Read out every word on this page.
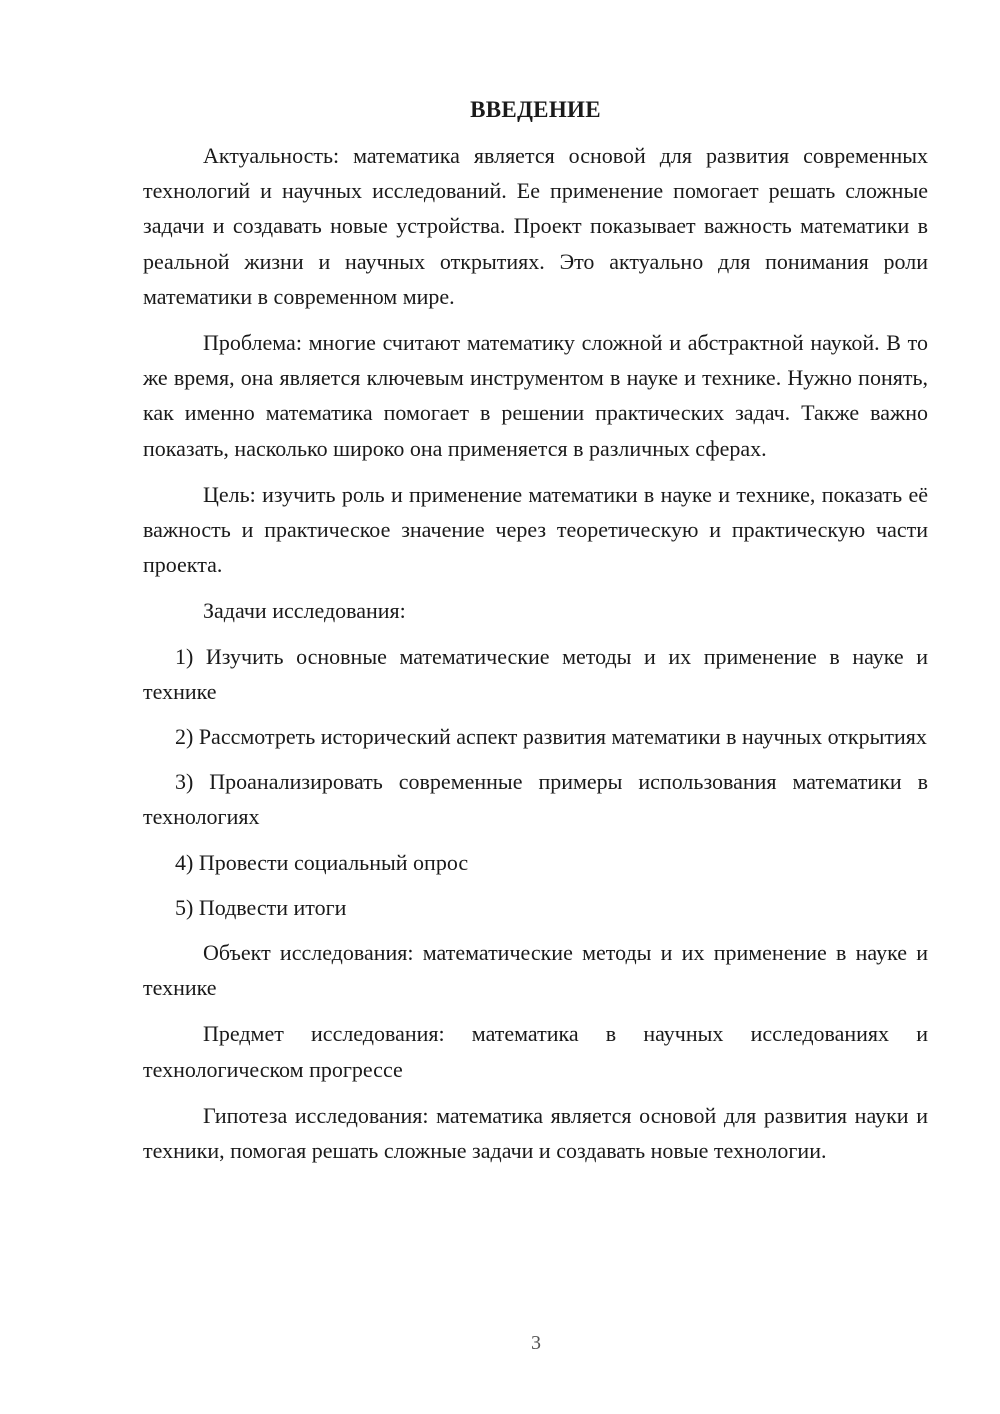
ВВЕДЕНИЕ

Актуальность: математика является основой для развития современных технологий и научных исследований. Ее применение помогает решать сложные задачи и создавать новые устройства. Проект показывает важность математики в реальной жизни и научных открытиях. Это актуально для понимания роли математики в современном мире.

Проблема: многие считают математику сложной и абстрактной наукой. В то же время, она является ключевым инструментом в науке и технике. Нужно понять, как именно математика помогает в решении практических задач. Также важно показать, насколько широко она применяется в различных сферах.

Цель: изучить роль и применение математики в науке и технике, показать её важность и практическое значение через теоретическую и практическую части проекта.

Задачи исследования:

1) Изучить основные математические методы и их применение в науке и технике

2) Рассмотреть исторический аспект развития математики в научных открытиях

3) Проанализировать современные примеры использования математики в технологиях

4) Провести социальный опрос

5) Подвести итоги

Объект исследования: математические методы и их применение в науке и технике

Предмет исследования: математика в научных исследованиях и технологическом прогрессе

Гипотеза исследования: математика является основой для развития науки и техники, помогая решать сложные задачи и создавать новые технологии.

3
